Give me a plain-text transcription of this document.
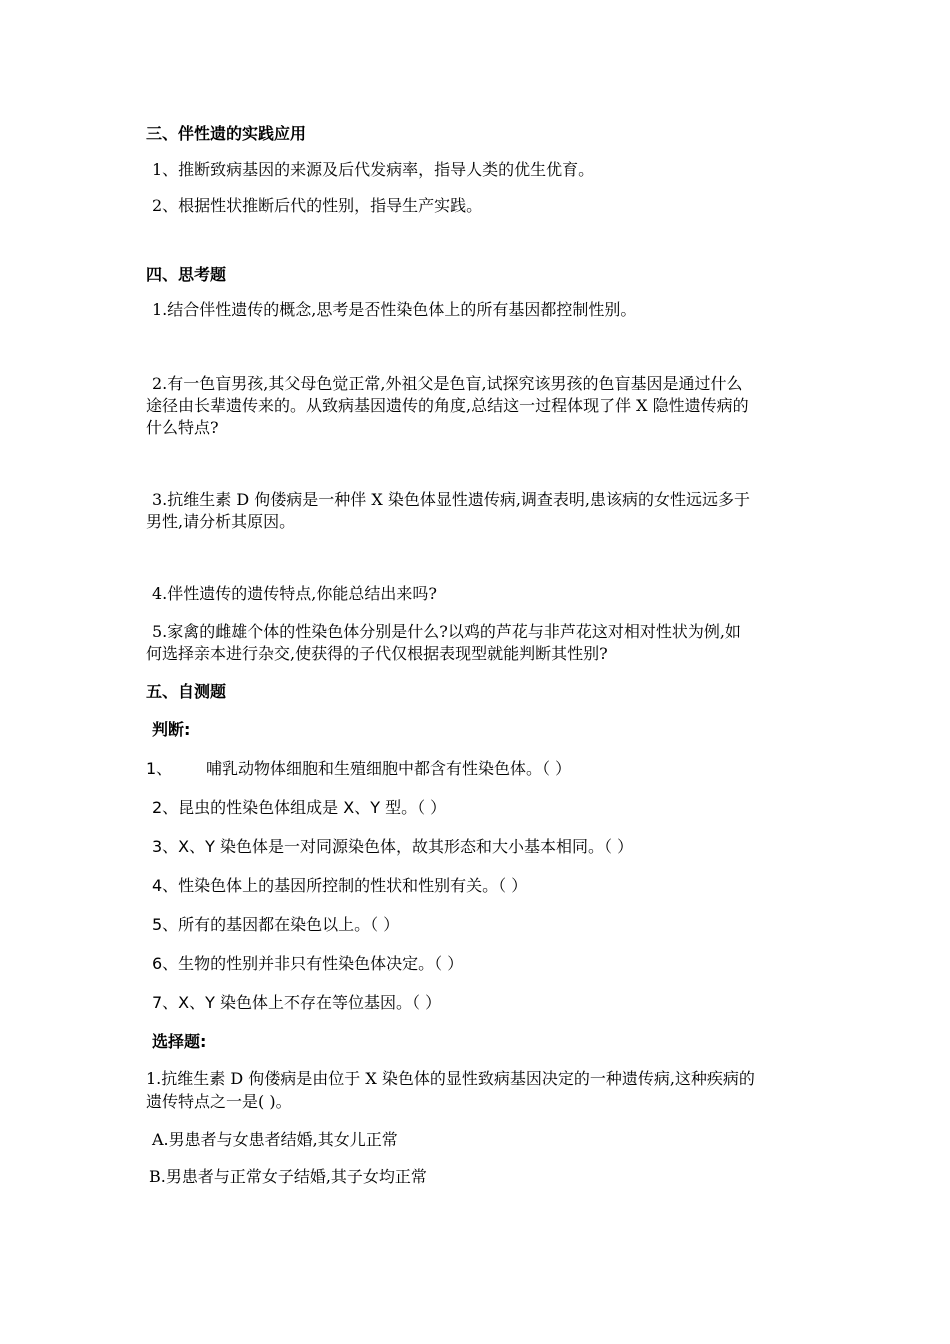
三、伴性遗的实践应用
1、推断致病基因的来源及后代发病率，指导人类的优生优育。
2、根据性状推断后代的性别，指导生产实践。
四、思考题
1.结合伴性遗传的概念,思考是否性染色体上的所有基因都控制性别。
2.有一色盲男孩,其父母色觉正常,外祖父是色盲,试探究该男孩的色盲基因是通过什么
途径由长辈遗传来的。从致病基因遗传的角度,总结这一过程体现了伴 X 隐性遗传病的
什么特点?
3.抗维生素 D 佝偻病是一种伴 X 染色体显性遗传病,调查表明,患该病的女性远远多于
男性,请分析其原因。
4.伴性遗传的遗传特点,你能总结出来吗?
5.家禽的雌雄个体的性染色体分别是什么?以鸡的芦花与非芦花这对相对性状为例,如
何选择亲本进行杂交,使获得的子代仅根据表现型就能判断其性别?
五、自测题
判断:
1、 哺乳动物体细胞和生殖细胞中都含有性染色体。（ ）
2、昆虫的性染色体组成是 X、Y 型。（ ）
3、X、Y 染色体是一对同源染色体，故其形态和大小基本相同。（ ）
4、性染色体上的基因所控制的性状和性别有关。（ ）
5、所有的基因都在染色以上。（ ）
6、生物的性别并非只有性染色体决定。（ ）
7、X、Y 染色体上不存在等位基因。（ ）
选择题:
1.抗维生素 D 佝偻病是由位于 X 染色体的显性致病基因决定的一种遗传病,这种疾病的
遗传特点之一是( )。
A.男患者与女患者结婚,其女儿正常
B.男患者与正常女子结婚,其子女均正常
